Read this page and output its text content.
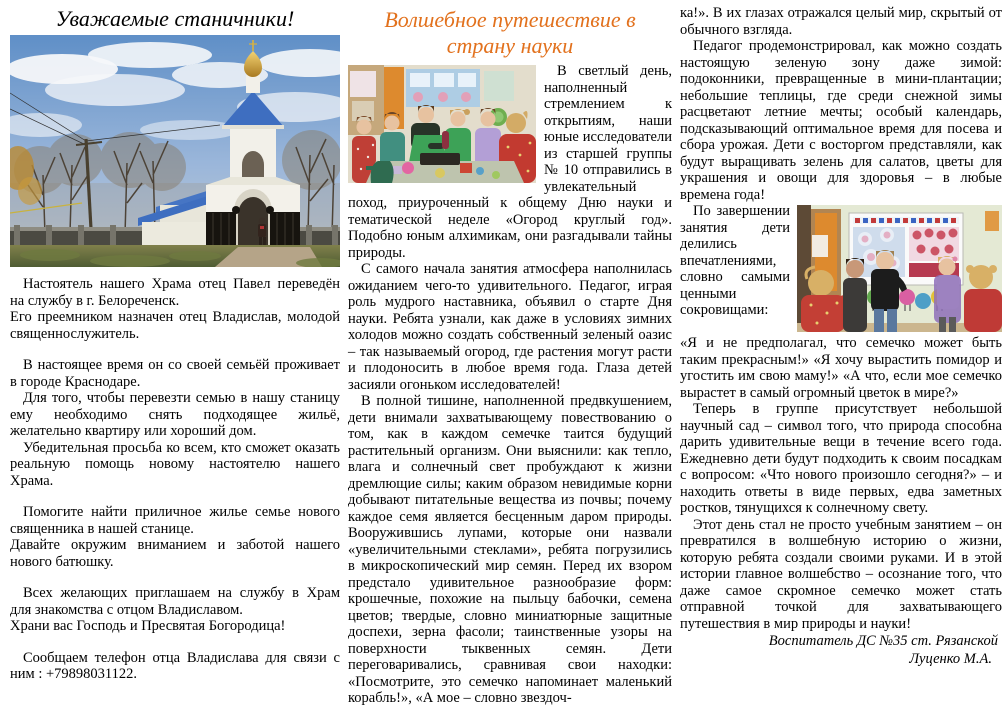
Уважаемые станичники!

Настоятель нашего Храма отец Павел переведён на службу в г. Белореченск.

Его преемником назначен отец Владислав, молодой священнослужитель.

В настоящее время он со своей семьёй проживает в городе Краснодаре.

Для того, чтобы перевезти семью в нашу станицу ему необходимо снять подходящее жильё, желательно квартиру или хороший дом.

Убедительная просьба ко всем, кто сможет оказать реальную помощь новому настоятелю нашего Храма.

Помогите найти приличное жилье семье нового священника в нашей станице.

Давайте окружим вниманием и заботой нашего нового батюшку.

Всех желающих приглашаем на службу в Храм для знакомства с отцом Владиславом.

Храни вас Господь и Пресвятая Богородица!

Сообщаем телефон отца Владислава для связи с ним : +79898031122.

Волшебное путешествие в страну науки

В светлый день, наполненный стремлением к открытиям, наши юные исследователи из старшей группы № 10 отправились в увлекательный поход, приуроченный к общему Дню науки и тематической неделе «Огород круглый год». Подобно юным алхимикам, они разгадывали тайны природы.

С самого начала занятия атмосфера наполнилась ожиданием чего-то удивительного. Педагог, играя роль мудрого наставника, объявил о старте Дня науки. Ребята узнали, как даже в условиях зимних холодов можно создать собственный зеленый оазис – так называемый огород, где растения могут расти и плодоносить в любое время года. Глаза детей засияли огоньком исследователей!

В полной тишине, наполненной предвкушением, дети внимали захватывающему повествованию о том, как в каждом семечке таится будущий растительный организм. Они выяснили: как тепло, влага и солнечный свет пробуждают к жизни дремлющие силы; каким образом невидимые корни добывают питательные вещества из почвы; почему каждое семя является бесценным даром природы. Вооружившись лупами, которые они назвали «увеличительными стеклами», ребята погрузились в микроскопический мир семян. Перед их взором предстало удивительное разнообразие форм: крошечные, похожие на пыльцу бабочки, семена цветов; твердые, словно миниатюрные защитные доспехи, зерна фасоли; таинственные узоры на поверхности тыквенных семян. Дети переговаривались, сравнивая свои находки: «Посмотрите, это семечко напоминает маленький корабль!», «А мое – словно звездоч-

ка!». В их глазах отражался целый мир, скрытый от обычного взгляда.

Педагог продемонстрировал, как можно создать настоящую зеленую зону даже зимой: подоконники, превращенные в мини-плантации; небольшие теплицы, где среди снежной зимы расцветают летние мечты; особый календарь, подсказывающий оптимальное время для посева и сбора урожая. Дети с восторгом представляли, как будут выращивать зелень для салатов, цветы для украшения и овощи для здоровья – в любые времена года!

По завершении занятия дети делились впечатлениями, словно самыми ценными сокровищами:

«Я и не предполагал, что семечко может быть таким прекрасным!» «Я хочу вырастить помидор и угостить им свою маму!» «А что, если мое семечко вырастет в самый огромный цветок в мире?»

Теперь в группе присутствует небольшой научный сад – символ того, что природа способна дарить удивительные вещи в течение всего года. Ежедневно дети будут подходить к своим посадкам с вопросом: «Что нового произошло сегодня?» – и находить ответы в виде первых, едва заметных ростков, тянущихся к солнечному свету.

Этот день стал не просто учебным занятием – он превратился в волшебную историю о жизни, которую ребята создали своими руками. И в этой истории главное волшебство – осознание того, что даже самое скромное семечко может стать отправной точкой для захватывающего путешествия в мир природы и науки!

Воспитатель ДС №35 ст. Рязанской
Луценко М.А.
